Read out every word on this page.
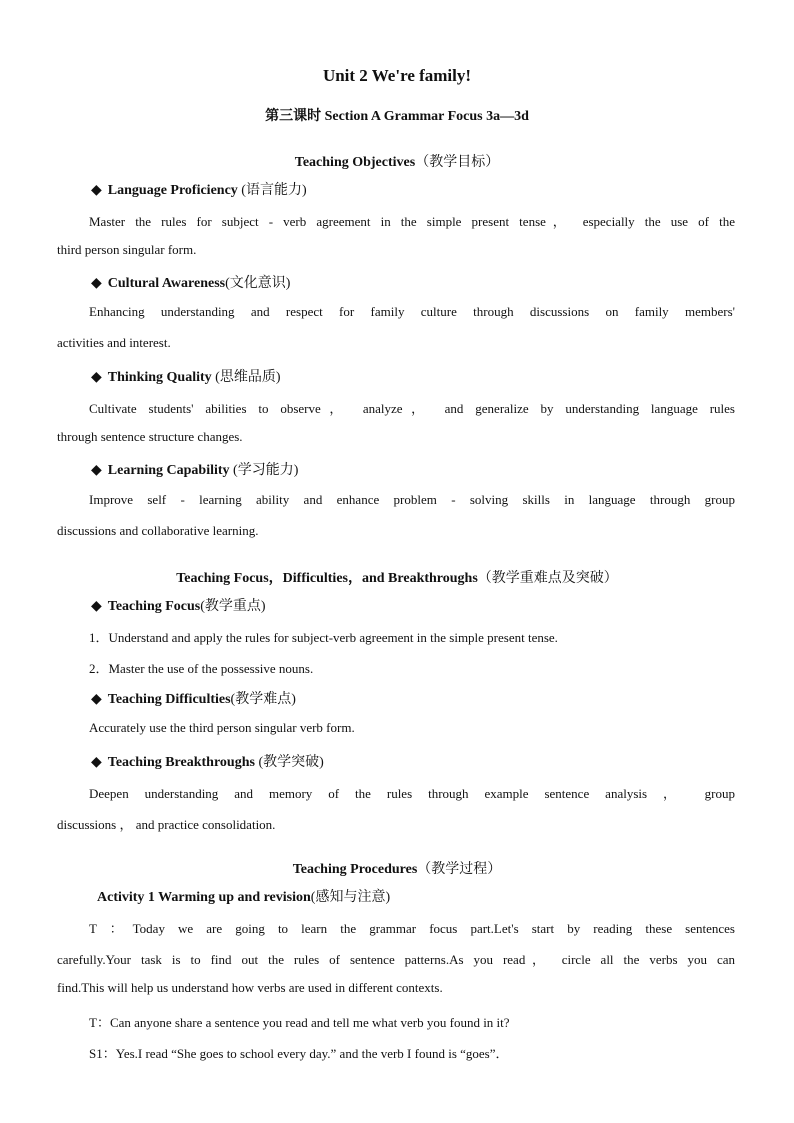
Unit 2 We're family!
第三课时 Section A Grammar Focus 3a—3d
Teaching Objectives（教学目标）
◆ Language Proficiency (语言能力)
Master the rules for subject - verb agreement in the simple present tense， especially the use of the
third person singular form.
◆ Cultural Awareness(文化意识)
Enhancing understanding and respect for family culture through discussions on family members'
activities and interest.
◆ Thinking Quality (思维品质)
Cultivate students' abilities to observe， analyze， and generalize by understanding language rules
through sentence structure changes.
◆ Learning Capability (学习能力)
Improve self - learning ability and enhance problem - solving skills in language through group
discussions and collaborative learning.
Teaching Focus，Difficulties，and Breakthroughs（教学重难点及突破）
◆ Teaching Focus(教学重点)
1．Understand and apply the rules for subject-verb agreement in the simple present tense.
2．Master the use of the possessive nouns.
◆ Teaching Difficulties(教学难点)
Accurately use the third person singular verb form.
◆ Teaching Breakthroughs (教学突破)
Deepen understanding and memory of the rules through example sentence analysis ， group
discussions ， and practice consolidation.
Teaching Procedures（教学过程）
Activity 1 Warming up and revision(感知与注意)
T ：Today we are going to learn the grammar focus part.Let's start by reading these sentences
carefully.Your task is to find out the rules of sentence patterns.As you read， circle all the verbs you can
find.This will help us understand how verbs are used in different contexts.
T：Can anyone share a sentence you read and tell me what verb you found in it?
S1：Yes.I read “She goes to school every day.” and the verb I found is “goes”．
